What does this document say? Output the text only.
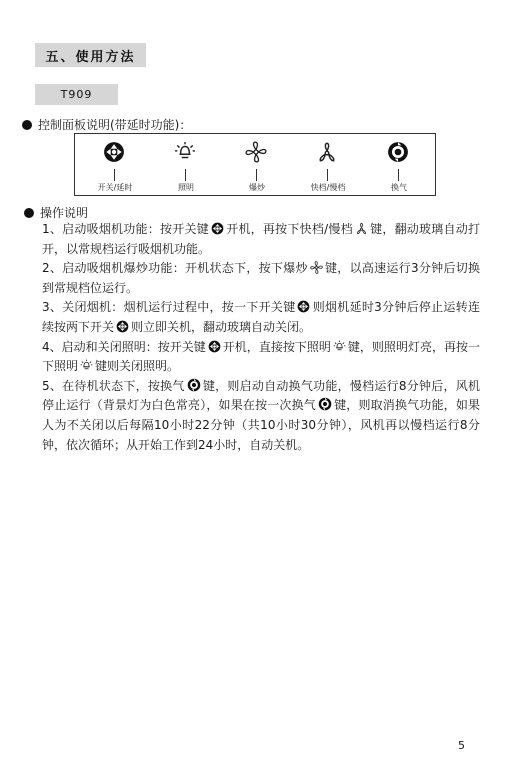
五、使用方法
T909
控制面板说明(带延时功能)：
开关/延时	照明	爆炒	快档/慢档	换气
操作说明

1、启动吸烟机功能：按开关键 开机，再按下快档/慢档 键，翻动玻璃自动打开，以常规档运行吸烟机功能。

2、启动吸烟机爆炒功能：开机状态下，按下爆炒 键，以高速运行3分钟后切换到常规档位运行。

3、关闭烟机：烟机运行过程中，按一下开关键 则烟机延时3分钟后停止运转连续按两下开关 则立即关机，翻动玻璃自动关闭。

4、启动和关闭照明：按开关键 开机，直接按下照明 键，则照明灯亮，再按一下照明 键则关闭照明。

5、在待机状态下，按换气 键，则启动自动换气功能，慢档运行8分钟后，风机停止运行（背景灯为白色常亮），如果在按一次换气 键，则取消换气功能，如果人为不关闭以后每隔10小时22分钟（共10小时30分钟），风机再以慢档运行8分钟，依次循环；从开始工作到24小时，自动关机。

5
